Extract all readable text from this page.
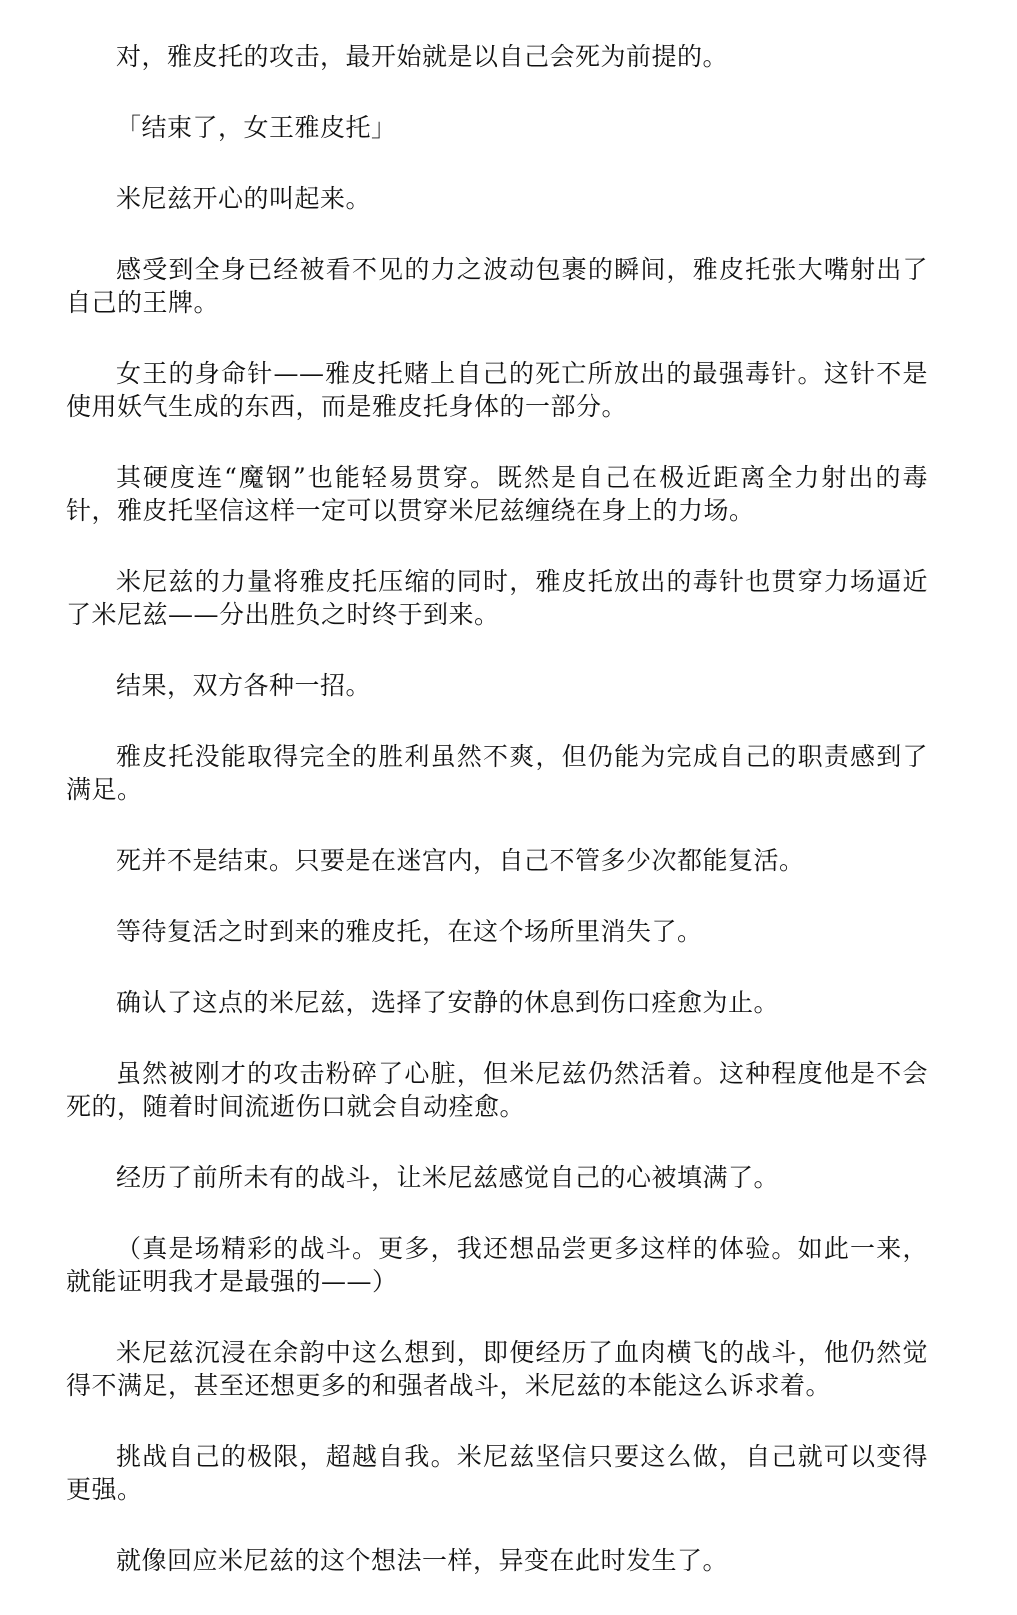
对，雅皮托的攻击，最开始就是以自己会死为前提的。

「结束了，女王雅皮托」

米尼兹开心的叫起来。

感受到全身已经被看不见的力之波动包裹的瞬间，雅皮托张大嘴射出了自己的王牌。

女王的身命针——雅皮托赌上自己的死亡所放出的最强毒针。这针不是使用妖气生成的东西，而是雅皮托身体的一部分。

其硬度连“魔钢”也能轻易贯穿。既然是自己在极近距离全力射出的毒针，雅皮托坚信这样一定可以贯穿米尼兹缠绕在身上的力场。

米尼兹的力量将雅皮托压缩的同时，雅皮托放出的毒针也贯穿力场逼近了米尼兹——分出胜负之时终于到来。

结果，双方各种一招。

雅皮托没能取得完全的胜利虽然不爽，但仍能为完成自己的职责感到了满足。

死并不是结束。只要是在迷宫内，自己不管多少次都能复活。

等待复活之时到来的雅皮托，在这个场所里消失了。

确认了这点的米尼兹，选择了安静的休息到伤口痊愈为止。

虽然被刚才的攻击粉碎了心脏，但米尼兹仍然活着。这种程度他是不会死的，随着时间流逝伤口就会自动痊愈。

经历了前所未有的战斗，让米尼兹感觉自己的心被填满了。

（真是场精彩的战斗。更多，我还想品尝更多这样的体验。如此一来，就能证明我才是最强的——）

米尼兹沉浸在余韵中这么想到，即便经历了血肉横飞的战斗，他仍然觉得不满足，甚至还想更多的和强者战斗，米尼兹的本能这么诉求着。

挑战自己的极限，超越自我。米尼兹坚信只要这么做，自己就可以变得更强。

就像回应米尼兹的这个想法一样，异变在此时发生了。
